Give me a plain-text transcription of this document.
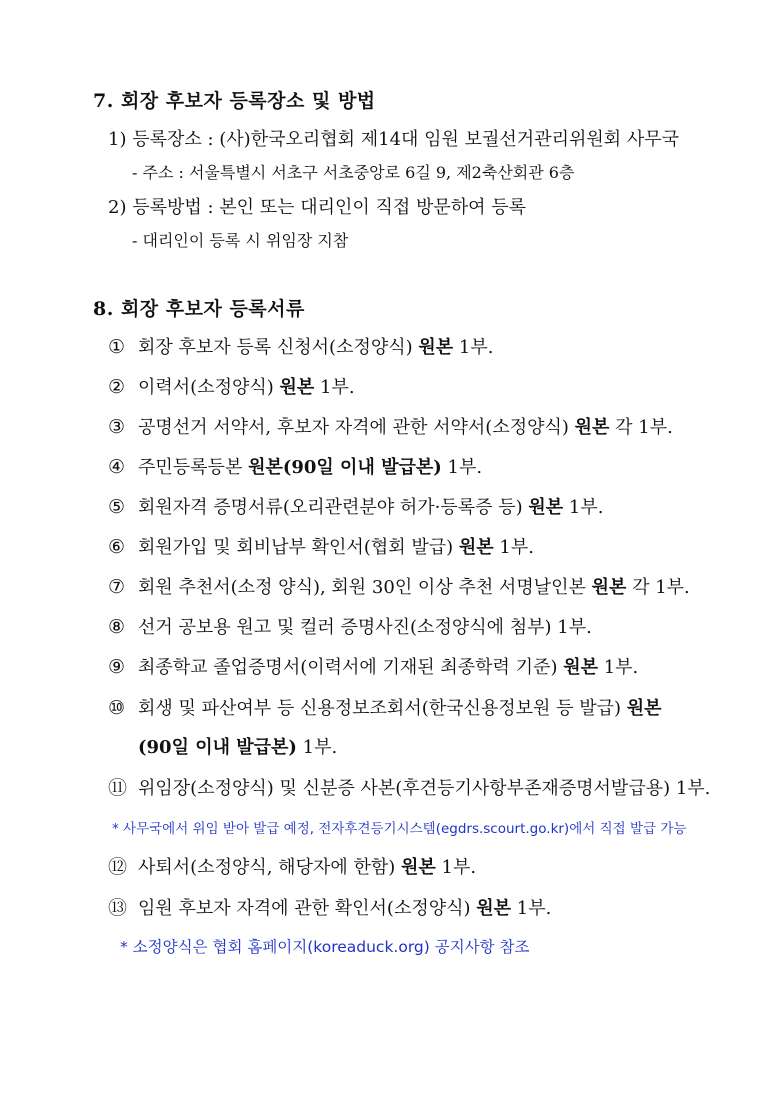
7. 회장 후보자 등록장소 및 방법
1) 등록장소 : (사)한국오리협회 제14대 임원 보궐선거관리위원회 사무국
- 주소 : 서울특별시 서초구 서초중앙로 6길 9, 제2축산회관 6층
2) 등록방법 : 본인 또는 대리인이 직접 방문하여 등록
- 대리인이 등록 시 위임장 지참
8. 회장 후보자 등록서류
① 회장 후보자 등록 신청서(소정양식) 원본 1부.
② 이력서(소정양식) 원본 1부.
③ 공명선거 서약서, 후보자 자격에 관한 서약서(소정양식) 원본 각 1부.
④ 주민등록등본 원본(90일 이내 발급본) 1부.
⑤ 회원자격 증명서류(오리관련분야 허가·등록증 등) 원본 1부.
⑥ 회원가입 및 회비납부 확인서(협회 발급) 원본 1부.
⑦ 회원 추천서(소정 양식), 회원 30인 이상 추천 서명날인본 원본 각 1부.
⑧ 선거 공보용 원고 및 컬러 증명사진(소정양식에 첨부) 1부.
⑨ 최종학교 졸업증명서(이력서에 기재된 최종학력 기준) 원본 1부.
⑩ 회생 및 파산여부 등 신용정보조회서(한국신용정보원 등 발급) 원본
(90일 이내 발급본) 1부.
⑪ 위임장(소정양식) 및 신분증 사본(후견등기사항부존재증명서발급용) 1부.
* 사무국에서 위임 받아 발급 예정, 전자후견등기시스템(egdrs.scourt.go.kr)에서 직접 발급 가능
⑫ 사퇴서(소정양식, 해당자에 한함) 원본 1부.
⑬ 임원 후보자 자격에 관한 확인서(소정양식) 원본 1부.
* 소정양식은 협회 홈페이지(koreaduck.org) 공지사항 참조
